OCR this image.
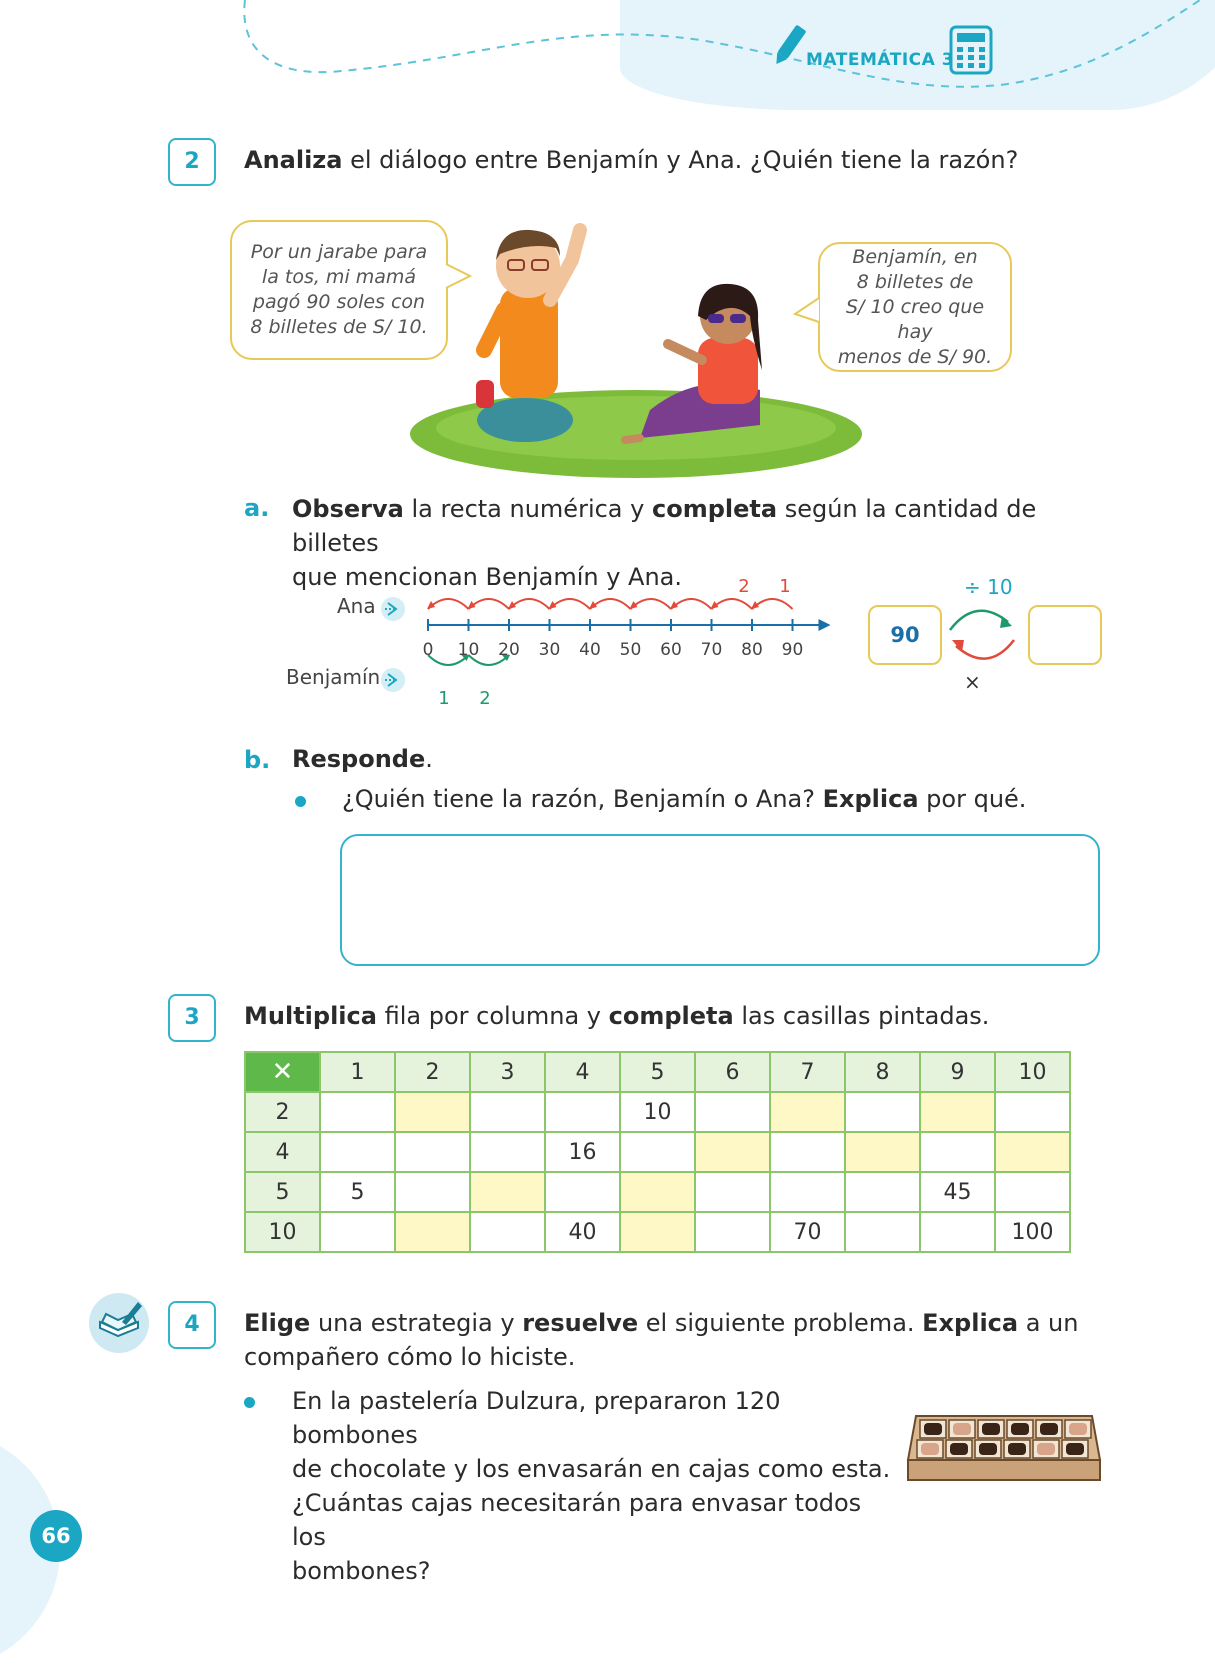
MATEMÁTICA 3
2	Analiza el diálogo entre Benjamín y Ana. ¿Quién tiene la razón?
Por un jarabe para
la tos, mi mamá
pagó 90 soles con
8 billetes de S/ 10.
Benjamín, en
8 billetes de
S/ 10 creo que hay
menos de S/ 90.
a. Observa la recta numérica y completa según la cantidad de billetes
que mencionan Benjamín y Ana.
Ana
Benjamín
0 10 20 30 40 50 60 70 80 90
2 1
1 2
÷ 10
90
×
b. Responde.
¿Quién tiene la razón, Benjamín o Ana? Explica por qué.
3	Multiplica fila por columna y completa las casillas pintadas.
✕	1	2	3	4	5	6	7	8	9	10
2					10					
4				16						
5	5								45	
10				40			70			100
4	Elige una estrategia y resuelve el siguiente problema. Explica a un
compañero cómo lo hiciste.
En la pastelería Dulzura, prepararon 120 bombones
de chocolate y los envasarán en cajas como esta.
¿Cuántas cajas necesitarán para envasar todos los
bombones?
66
